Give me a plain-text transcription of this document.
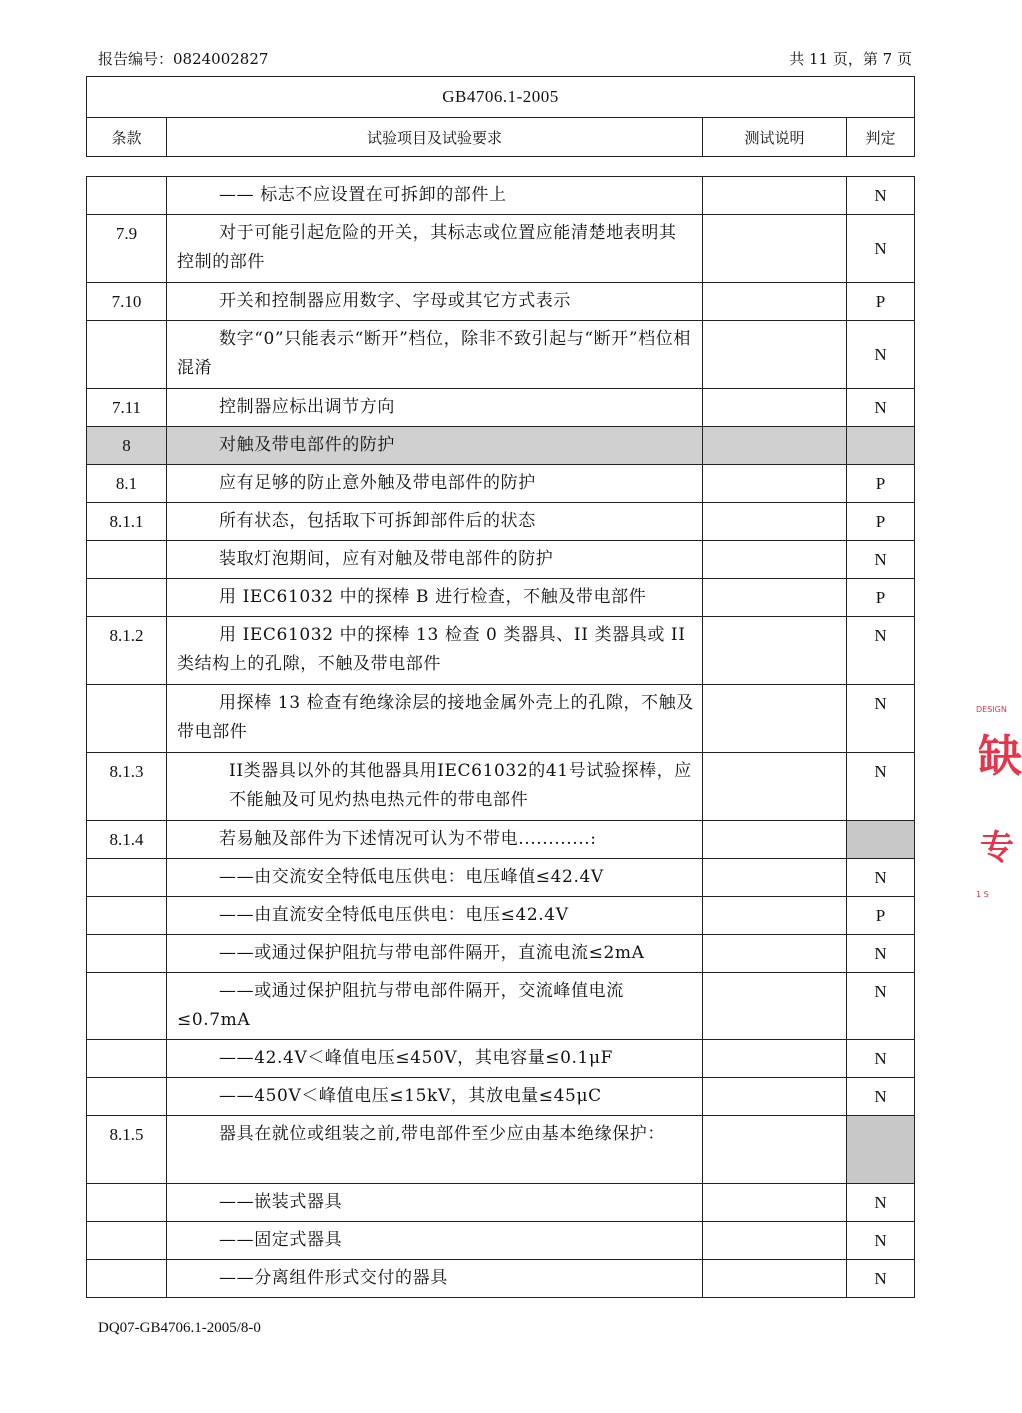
报告编号：0824002827	共 11 页，第 7 页
GB4706.1-2005
条款	试验项目及试验要求	测试说明	判定

	—— 标志不应设置在可拆卸的部件上		N
7.9	对于可能引起危险的开关，其标志或位置应能清楚地表明其控制的部件		N
7.10	开关和控制器应用数字、字母或其它方式表示		P

	数字“0”只能表示“断开”档位，除非不致引起与“断开”档位相混淆		N
7.11	控制器应标出调节方向		N
8	对触及带电部件的防护		

8.1	应有足够的防止意外触及带电部件的防护		P
8.1.1	所有状态，包括取下可拆卸部件后的状态		P

	装取灯泡期间，应有对触及带电部件的防护		N

	用 IEC61032 中的探棒 B 进行检查，不触及带电部件		P
8.1.2	用 IEC61032 中的探棒 13 检查 0 类器具、II 类器具或 II 类结构上的孔隙，不触及带电部件		N

	用探棒 13 检查有绝缘涂层的接地金属外壳上的孔隙，不触及带电部件		N
8.1.3	II类器具以外的其他器具用IEC61032的41号试验探棒，应不能触及可见灼热电热元件的带电部件		N
8.1.4	若易触及部件为下述情况可认为不带电............:		

	——由交流安全特低电压供电：电压峰值≤42.4V		N

	——由直流安全特低电压供电：电压≤42.4V		P

	——或通过保护阻抗与带电部件隔开，直流电流≤2mA		N

	——或通过保护阻抗与带电部件隔开，交流峰值电流≤0.7mA		N

	——42.4V＜峰值电压≤450V，其电容量≤0.1μF		N

	——450V＜峰值电压≤15kV，其放电量≤45μC		N
8.1.5	器具在就位或组装之前,带电部件至少应由基本绝缘保护：		

	——嵌装式器具		N

	——固定式器具		N

	——分离组件形式交付的器具		N
DQ07-GB4706.1-2005/8-0
DESIGN
缺
专
1 S
